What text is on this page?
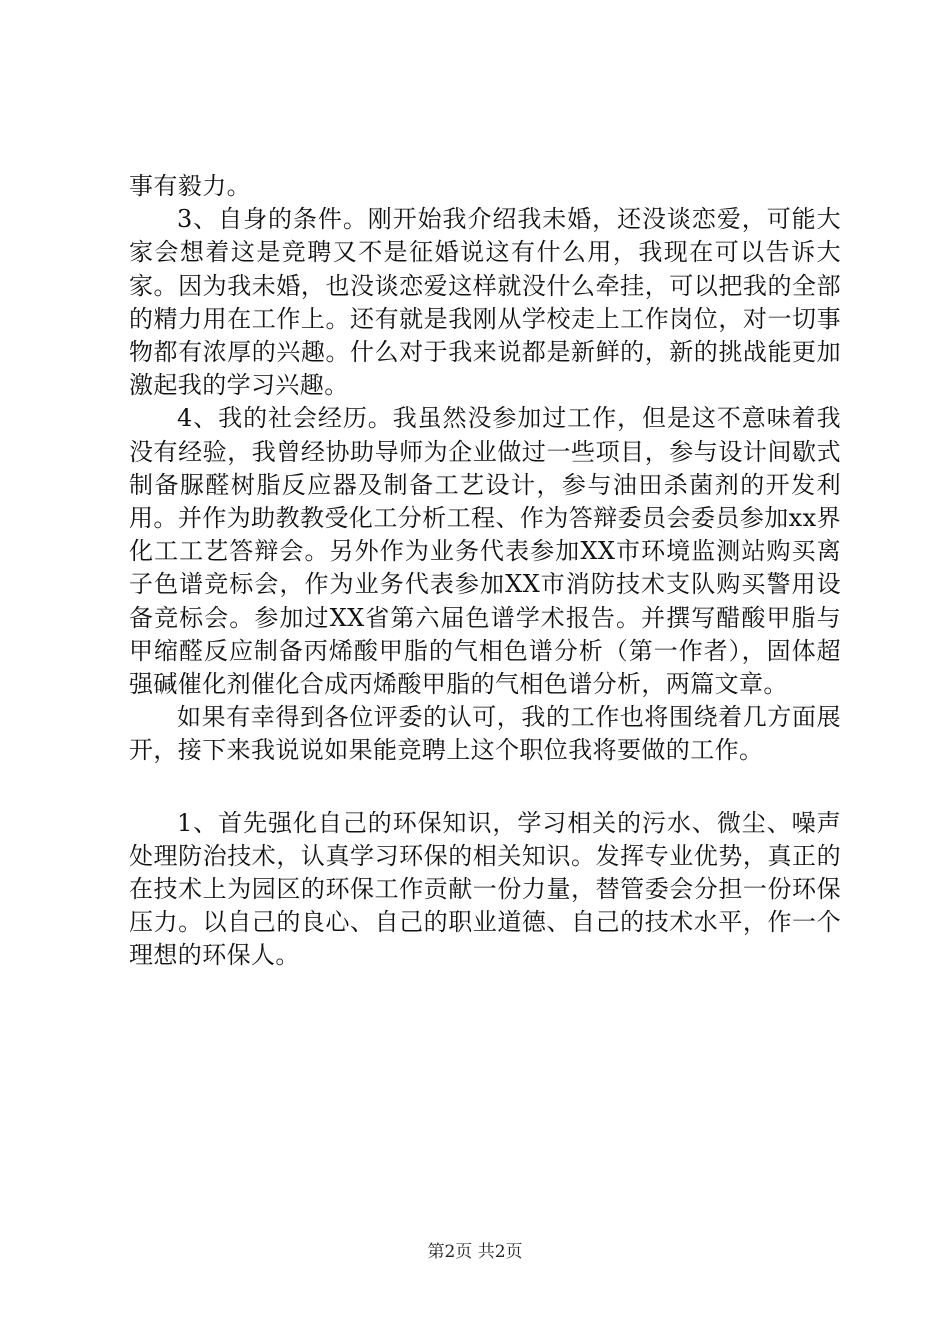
事有毅力。

3、自身的条件。刚开始我介绍我未婚，还没谈恋爱，可能大家会想着这是竞聘又不是征婚说这有什么用，我现在可以告诉大家。因为我未婚，也没谈恋爱这样就没什么牵挂，可以把我的全部的精力用在工作上。还有就是我刚从学校走上工作岗位，对一切事物都有浓厚的兴趣。什么对于我来说都是新鲜的，新的挑战能更加激起我的学习兴趣。

4、我的社会经历。我虽然没参加过工作，但是这不意味着我没有经验，我曾经协助导师为企业做过一些项目，参与设计间歇式制备脲醛树脂反应器及制备工艺设计，参与油田杀菌剂的开发利用。并作为助教教受化工分析工程、作为答辩委员会委员参加xx界化工工艺答辩会。另外作为业务代表参加XX市环境监测站购买离子色谱竞标会，作为业务代表参加XX市消防技术支队购买警用设备竞标会。参加过XX省第六届色谱学术报告。并撰写醋酸甲脂与甲缩醛反应制备丙烯酸甲脂的气相色谱分析（第一作者），固体超强碱催化剂催化合成丙烯酸甲脂的气相色谱分析，两篇文章。

如果有幸得到各位评委的认可，我的工作也将围绕着几方面展开，接下来我说说如果能竞聘上这个职位我将要做的工作。

1、首先强化自己的环保知识，学习相关的污水、微尘、噪声处理防治技术，认真学习环保的相关知识。发挥专业优势，真正的在技术上为园区的环保工作贡献一份力量，替管委会分担一份环保压力。以自己的良心、自己的职业道德、自己的技术水平，作一个理想的环保人。

第2页 共2页
